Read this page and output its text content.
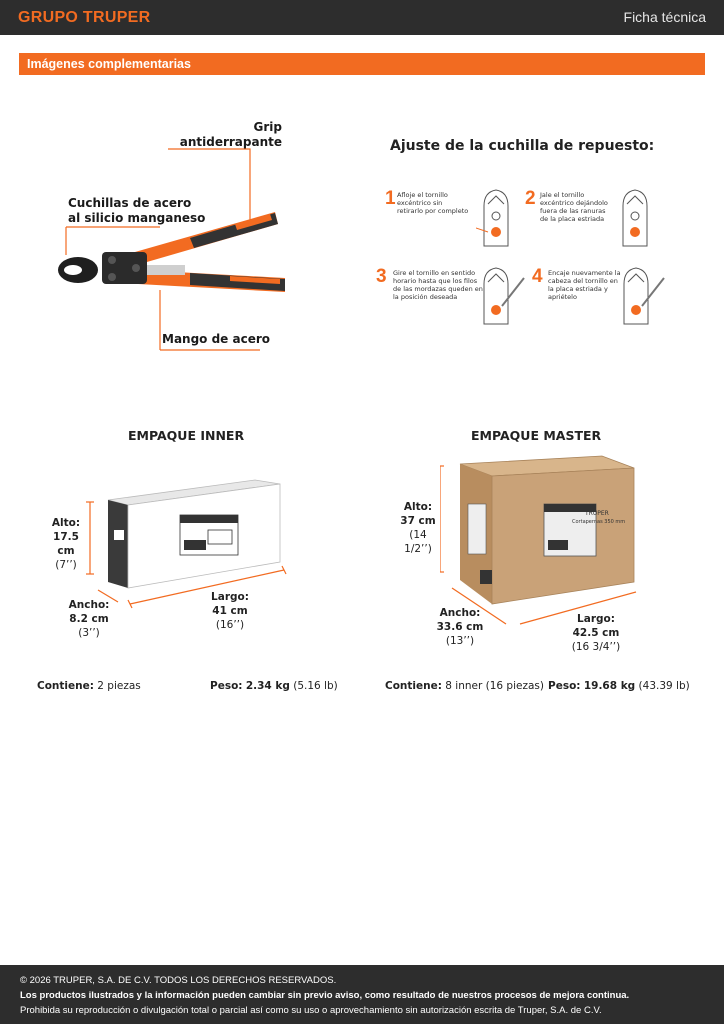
GRUPO TRUPER	Ficha técnica
Imágenes complementarias
Grip
antiderrapante
Cuchillas de acero
al silicio manganeso
Mango de acero
Ajuste de la cuchilla de repuesto:
1 Afloje el tornillo
excéntrico sin
retirarlo por completo
2 Jale el tornillo
excéntrico dejándolo
fuera de las ranuras
de la placa estriada
3 Gire el tornillo en sentido
horario hasta que los filos
de las mordazas queden en
la posición deseada
4 Encaje nuevamente la
cabeza del tornillo en
la placa estriada y
apriételo
EMPAQUE INNER
Alto:
17.5 cm
(7’’)
Ancho:
8.2 cm
(3’’)
Largo:
41 cm
(16’’)
Contiene: 2 piezas	Peso: 2.34 kg (5.16 lb)
EMPAQUE MASTER
TRUPER
Cortapernas 350 mm
Alto:
37 cm
(14 1/2’’)
Ancho:
33.6 cm
(13’’)
Largo:
42.5 cm
(16 3/4’’)
Contiene: 8 inner (16 piezas) Peso: 19.68 kg (43.39 lb)
© 2026 TRUPER, S.A. DE C.V. TODOS LOS DERECHOS RESERVADOS.
Los productos ilustrados y la información pueden cambiar sin previo aviso, como resultado de nuestros procesos de mejora continua.
Prohibida su reproducción o divulgación total o parcial así como su uso o aprovechamiento sin autorización escrita de Truper, S.A. de C.V.
